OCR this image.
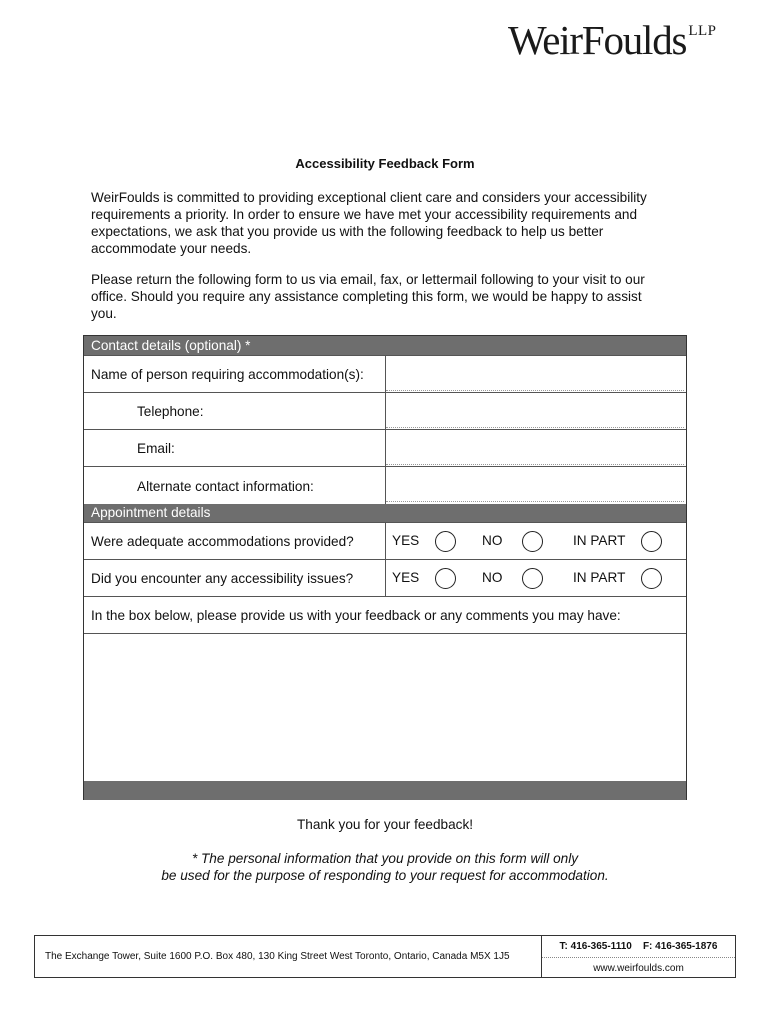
WeirFoulds $^{LLP}$
Accessibility Feedback Form
WeirFoulds is committed to providing exceptional client care and considers your accessibility requirements a priority. In order to ensure we have met your accessibility requirements and expectations, we ask that you provide us with the following feedback to help us better accommodate your needs.
Please return the following form to us via email, fax, or lettermail following to your visit to our office. Should you require any assistance completing this form, we would be happy to assist you.
Contact details (optional) *
Name of person requiring accommodation(s):
Telephone:
Email:
Alternate contact information:
Appointment details
Were adequate accommodations provided?	YES	NO	IN PART
Did you encounter any accessibility issues?	YES	NO	IN PART
In the box below, please provide us with your feedback or any comments you may have:
Thank you for your feedback!
* The personal information that you provide on this form will only
be used for the purpose of responding to your request for accommodation.
The Exchange Tower, Suite 1600 P.O. Box 480, 130 King Street West Toronto, Ontario, Canada M5X 1J5
T: 416-365-1110    F: 416-365-1876
www.weirfoulds.com
